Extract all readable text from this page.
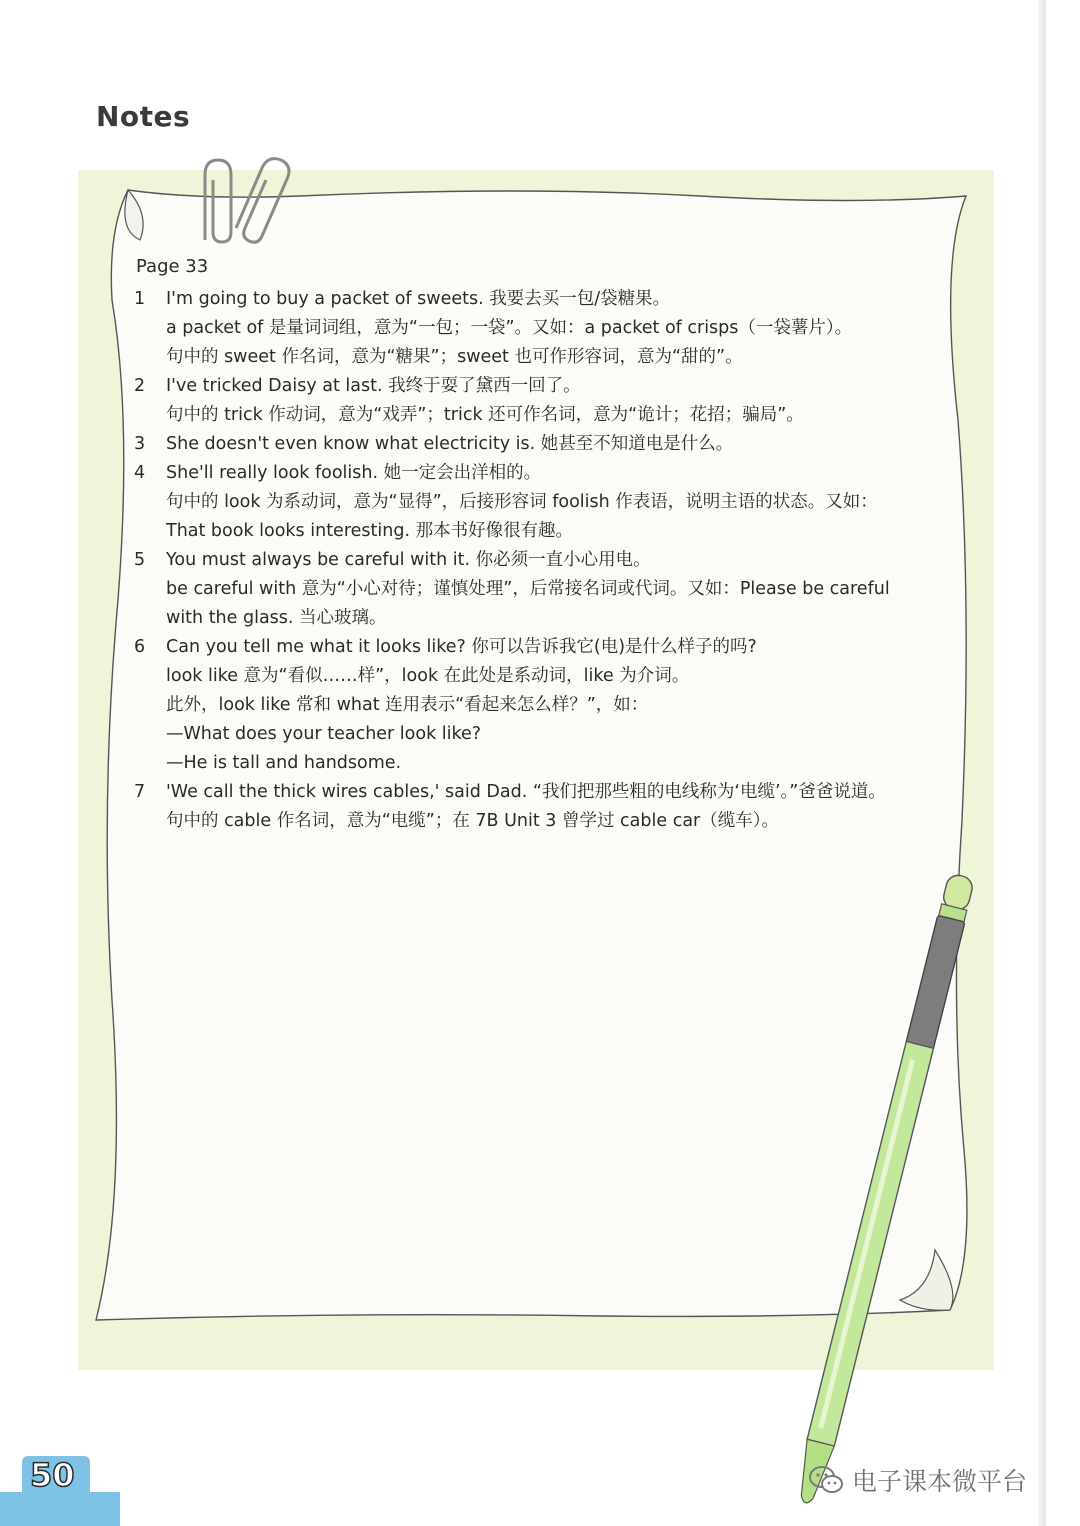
Notes
Page 33
1	I'm going to buy a packet of sweets. 我要去买一包/袋糖果。
a packet of 是量词词组，意为“一包；一袋”。又如：a packet of crisps（一袋薯片）。
句中的 sweet 作名词，意为“糖果”；sweet 也可作形容词，意为“甜的”。
2	I've tricked Daisy at last. 我终于耍了黛西一回了。
句中的 trick 作动词，意为“戏弄”；trick 还可作名词，意为“诡计；花招；骗局”。
3	She doesn't even know what electricity is. 她甚至不知道电是什么。
4	She'll really look foolish. 她一定会出洋相的。
句中的 look 为系动词，意为“显得”，后接形容词 foolish 作表语，说明主语的状态。又如：
That book looks interesting. 那本书好像很有趣。
5	You must always be careful with it. 你必须一直小心用电。
be careful with 意为“小心对待；谨慎处理”，后常接名词或代词。又如：Please be careful
with the glass. 当心玻璃。
6	Can you tell me what it looks like? 你可以告诉我它(电)是什么样子的吗?
look like 意为“看似……样”，look 在此处是系动词，like 为介词。
此外，look like 常和 what 连用表示“看起来怎么样？”，如：
—What does your teacher look like?
—He is tall and handsome.
7	'We call the thick wires cables,' said Dad. “我们把那些粗的电线称为‘电缆’。”爸爸说道。
句中的 cable 作名词，意为“电缆”；在 7B Unit 3 曾学过 cable car（缆车）。
50	电子课本微平台
